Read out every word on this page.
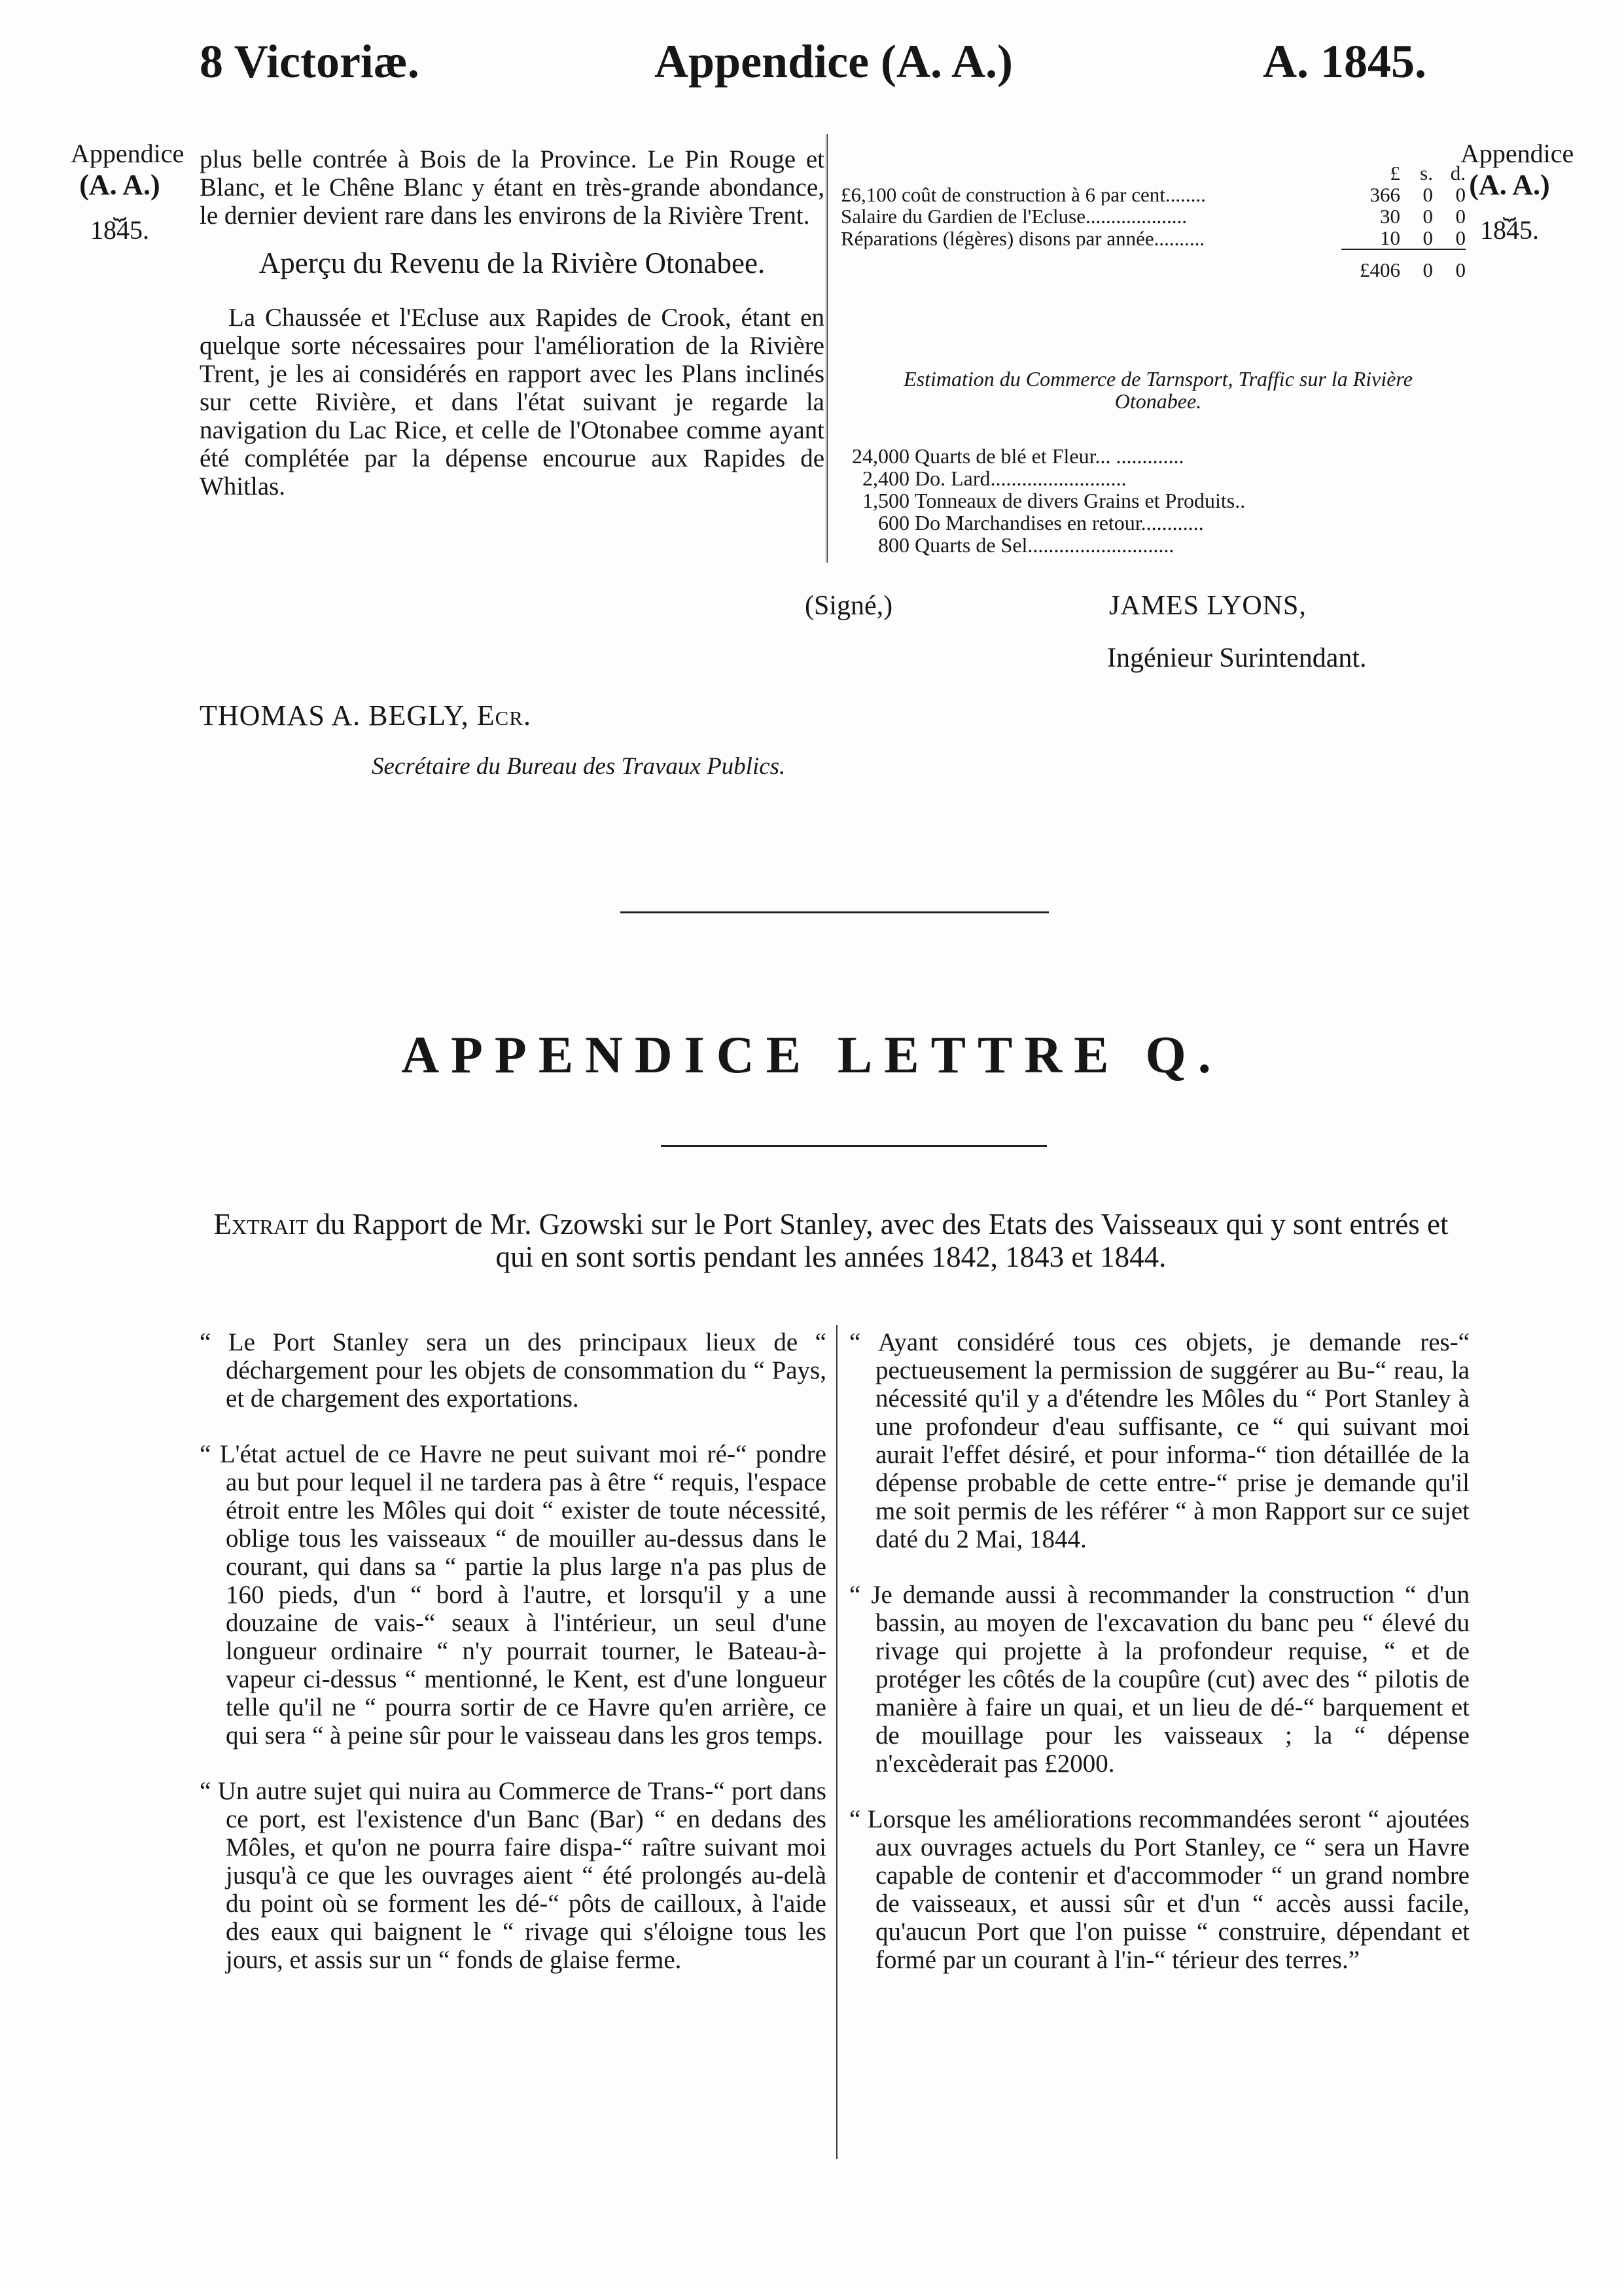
8 Victoriæ.	Appendice (A. A.)	A. 1845.
Appendice
(A. A.)
⏟
1845.
Appendice
(A. A.)
⏟
1845.

plus belle contrée à Bois de la Province. Le Pin Rouge et Blanc, et le Chêne Blanc y étant en très-grande abondance, le dernier devient rare dans les environs de la Rivière Trent.

Aperçu du Revenu de la Rivière Otonabee.

La Chaussée et l'Ecluse aux Rapides de Crook, étant en quelque sorte nécessaires pour l'amélioration de la Rivière Trent, je les ai considérés en rapport avec les Plans inclinés sur cette Rivière, et dans l'état suivant je regarde la navigation du Lac Rice, et celle de l'Otonabee comme ayant été complétée par la dépense encourue aux Rapides de Whitlas.

	£	s.	d.
£6,100 coût de construction à 6 par cent........	366	0	0
Salaire du Gardien de l'Ecluse....................	30	0	0
Réparations (légères) disons par année..........	10	0	0
	£406	0	0
Estimation du Commerce de Tarnsport, Traffic sur la Rivière Otonabee.
24,000	Quarts de blé et Fleur... .............
2,400	Do. Lard..........................
1,500	Tonneaux de divers Grains et Produits..
600	Do Marchandises en retour............
800	Quarts de Sel............................
(Signé,)	JAMES LYONS,
Ingénieur Surintendant.
THOMAS A. BEGLY, Ecr.
Secrétaire du Bureau des Travaux Publics.
APPENDICE LETTRE Q.
Extrait du Rapport de Mr. Gzowski sur le Port Stanley, avec des Etats des Vaisseaux qui y sont entrés et qui en sont sortis pendant les années 1842, 1843 et 1844.

“ Le Port Stanley sera un des principaux lieux de “ déchargement pour les objets de consommation du “ Pays, et de chargement des exportations.

“ L'état actuel de ce Havre ne peut suivant moi ré-“ pondre au but pour lequel il ne tardera pas à être “ requis, l'espace étroit entre les Môles qui doit “ exister de toute nécessité, oblige tous les vaisseaux “ de mouiller au-dessus dans le courant, qui dans sa “ partie la plus large n'a pas plus de 160 pieds, d'un “ bord à l'autre, et lorsqu'il y a une douzaine de vais-“ seaux à l'intérieur, un seul d'une longueur ordinaire “ n'y pourrait tourner, le Bateau-à-vapeur ci-dessus “ mentionné, le Kent, est d'une longueur telle qu'il ne “ pourra sortir de ce Havre qu'en arrière, ce qui sera “ à peine sûr pour le vaisseau dans les gros temps.

“ Un autre sujet qui nuira au Commerce de Trans-“ port dans ce port, est l'existence d'un Banc (Bar) “ en dedans des Môles, et qu'on ne pourra faire dispa-“ raître suivant moi jusqu'à ce que les ouvrages aient “ été prolongés au-delà du point où se forment les dé-“ pôts de cailloux, à l'aide des eaux qui baignent le “ rivage qui s'éloigne tous les jours, et assis sur un “ fonds de glaise ferme.

“ Ayant considéré tous ces objets, je demande res-“ pectueusement la permission de suggérer au Bu-“ reau, la nécessité qu'il y a d'étendre les Môles du “ Port Stanley à une profondeur d'eau suffisante, ce “ qui suivant moi aurait l'effet désiré, et pour informa-“ tion détaillée de la dépense probable de cette entre-“ prise je demande qu'il me soit permis de les référer “ à mon Rapport sur ce sujet daté du 2 Mai, 1844.

“ Je demande aussi à recommander la construction “ d'un bassin, au moyen de l'excavation du banc peu “ élevé du rivage qui projette à la profondeur requise, “ et de protéger les côtés de la coupûre (cut) avec des “ pilotis de manière à faire un quai, et un lieu de dé-“ barquement et de mouillage pour les vaisseaux ; la “ dépense n'excèderait pas £2000.

“ Lorsque les améliorations recommandées seront “ ajoutées aux ouvrages actuels du Port Stanley, ce “ sera un Havre capable de contenir et d'accommoder “ un grand nombre de vaisseaux, et aussi sûr et d'un “ accès aussi facile, qu'aucun Port que l'on puisse “ construire, dépendant et formé par un courant à l'in-“ térieur des terres.”
